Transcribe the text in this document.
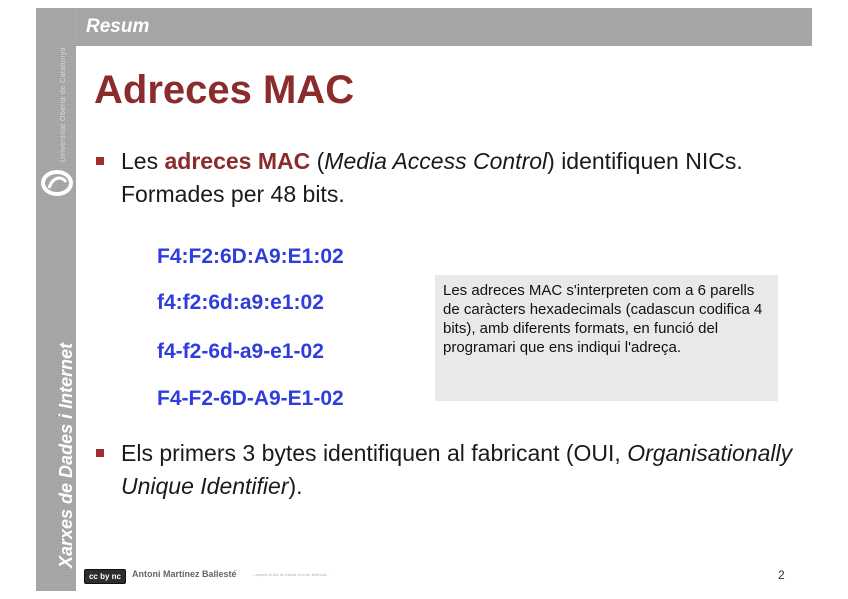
Universitat Oberta de Catalunya
Xarxes de Dades i Internet
Resum
Adreces MAC
Les adreces MAC (Media Access Control) identifiquen NICs. Formades per 48 bits.
F4:F2:6D:A9:E1:02
f4:f2:6d:a9:e1:02
f4-f2-6d-a9-e1-02
F4-F2-6D-A9-E1-02
Les adreces MAC s'interpreten com a 6 parells de caràcters hexadecimals (cadascun codifica 4 bits), amb diferents formats, en funció del programari que ens indiqui l'adreça.
Els primers 3 bytes identifiquen al fabricant (OUI, Organisationally Unique Identifier).
cc by nc sa
Antoni Martínez Ballesté	...aquest el lloc de treball com de llicència...	2
